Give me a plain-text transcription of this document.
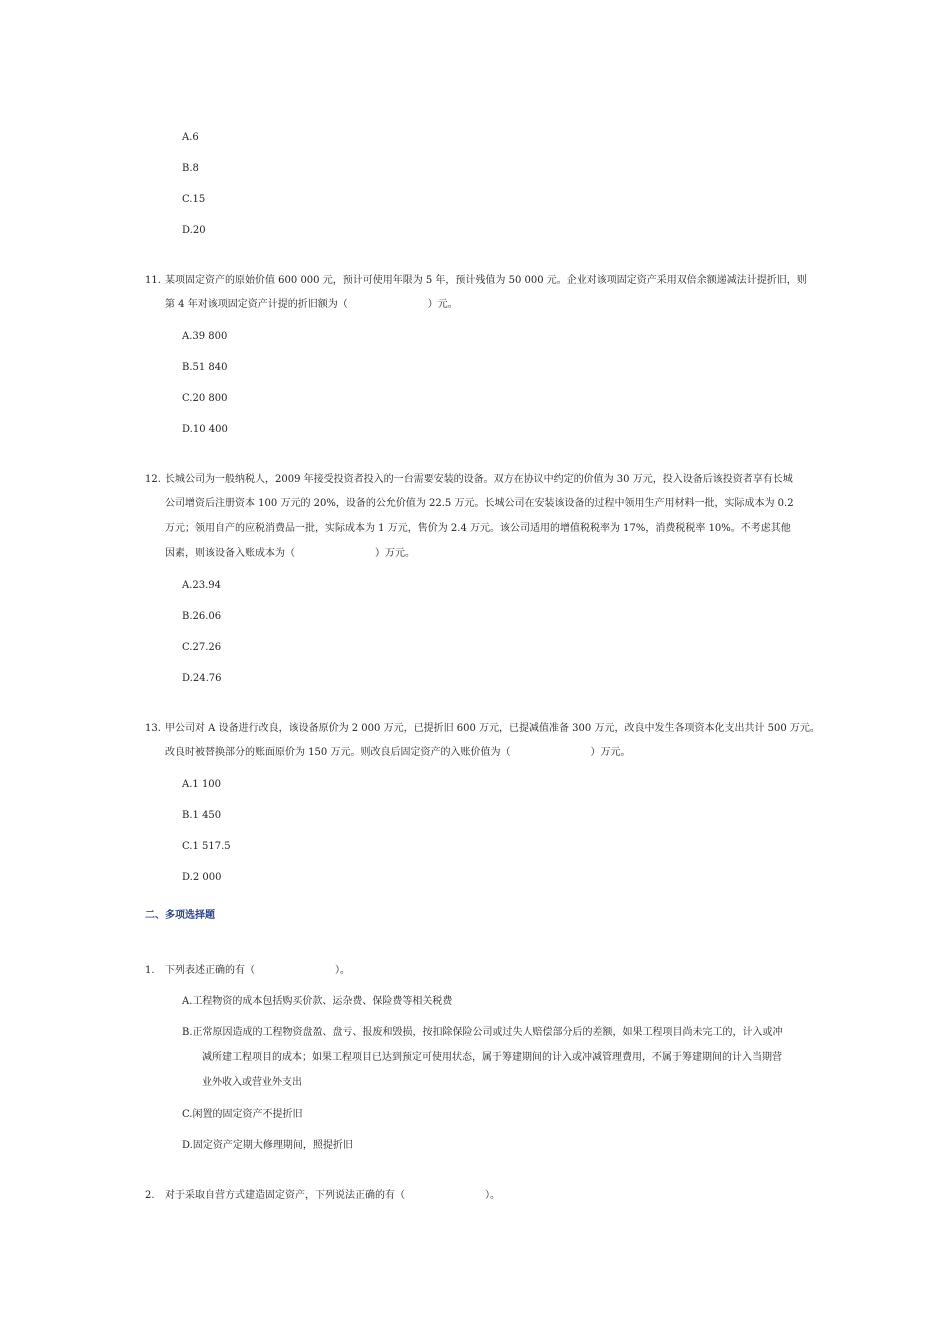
A.6
B.8
C.15
D.20
11. 某项固定资产的原始价值 600 000 元，预计可使用年限为 5 年，预计残值为 50 000 元。企业对该项固定资产采用双倍余额递减法计提折旧，则
第 4 年对该项固定资产计提的折旧额为（	）元。
A.39 800
B.51 840
C.20 800
D.10 400
12. 长城公司为一般纳税人，2009 年接受投资者投入的一台需要安装的设备。双方在协议中约定的价值为 30 万元，投入设备后该投资者享有长城
公司增资后注册资本 100 万元的 20%，设备的公允价值为 22.5 万元。长城公司在安装该设备的过程中领用生产用材料一批，实际成本为 0.2
万元；领用自产的应税消费品一批，实际成本为 1 万元，售价为 2.4 万元。该公司适用的增值税税率为 17%，消费税税率 10%。不考虑其他
因素，则该设备入账成本为（	）万元。
A.23.94
B.26.06
C.27.26
D.24.76
13. 甲公司对 A 设备进行改良，该设备原价为 2 000 万元，已提折旧 600 万元，已提减值准备 300 万元，改良中发生各项资本化支出共计 500 万元。
改良时被替换部分的账面原价为 150 万元。则改良后固定资产的入账价值为（	）万元。
A.1 100
B.1 450
C.1 517.5
D.2 000
二、多项选择题
1. 下列表述正确的有（	）。
A.工程物资的成本包括购买价款、运杂费、保险费等相关税费
B.正常原因造成的工程物资盘盈、盘亏、报废和毁损，按扣除保险公司或过失人赔偿部分后的差额，如果工程项目尚未完工的，计入或冲
减所建工程项目的成本；如果工程项目已达到预定可使用状态，属于筹建期间的计入或冲减管理费用，不属于筹建期间的计入当期营
业外收入或营业外支出
C.闲置的固定资产不提折旧
D.固定资产定期大修理期间，照提折旧
2. 对于采取自营方式建造固定资产，下列说法正确的有（	）。
